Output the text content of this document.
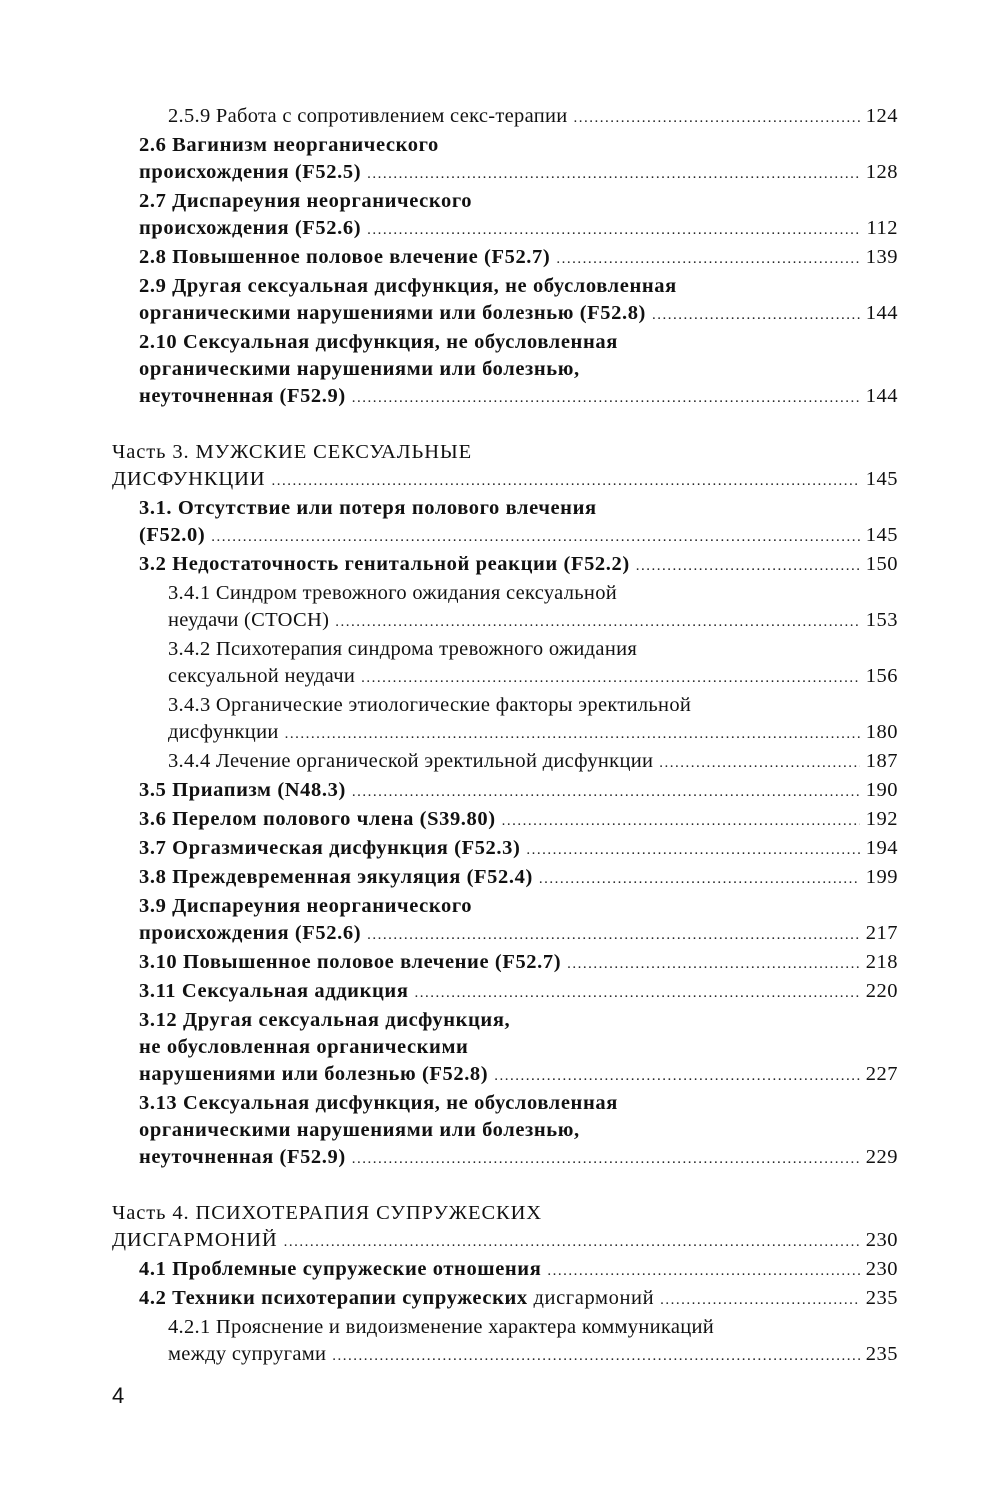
2.5.9 Работа с сопротивлением секс-терапии .....	124
2.6 Вагинизм неорганического
происхождения (F52.5) .....	128
2.7 Диспареуния неорганического
происхождения (F52.6) .....	112
2.8 Повышенное половое влечение (F52.7) .....	139
2.9 Другая сексуальная дисфункция, не обусловленная
органическими нарушениями или болезнью (F52.8) .....	144
2.10 Сексуальная дисфункция, не обусловленная
органическими нарушениями или болезнью,
неуточненная (F52.9) .....	144
Часть 3. МУЖСКИЕ СЕКСУАЛЬНЫЕ
ДИСФУНКЦИИ .....	145
3.1. Отсутствие или потеря полового влечения
(F52.0) .....	145
3.2 Недостаточность генитальной реакции (F52.2) .....	150
3.4.1 Синдром тревожного ожидания сексуальной
неудачи (СТОСН) .....	153
3.4.2 Психотерапия синдрома тревожного ожидания
сексуальной неудачи .....	156
3.4.3 Органические этиологические факторы эректильной
дисфункции .....	180
3.4.4 Лечение органической эректильной дисфункции .....	187
3.5 Приапизм (N48.3) .....	190
3.6 Перелом полового члена (S39.80) .....	192
3.7 Оргазмическая дисфункция (F52.3) .....	194
3.8 Преждевременная эякуляция (F52.4) .....	199
3.9 Диспареуния неорганического
происхождения (F52.6) .....	217
3.10 Повышенное половое влечение (F52.7) .....	218
3.11 Сексуальная аддикция .....	220
3.12 Другая сексуальная дисфункция,
не обусловленная органическими
нарушениями или болезнью (F52.8) .....	227
3.13 Сексуальная дисфункция, не обусловленная
органическими нарушениями или болезнью,
неуточненная (F52.9) .....	229
Часть 4. ПСИХОТЕРАПИЯ СУПРУЖЕСКИХ
ДИСГАРМОНИЙ .....	230
4.1 Проблемные супружеские отношения .....	230
4.2 Техники психотерапии супружеских дисгармоний .....	235
4.2.1 Прояснение и видоизменение характера коммуникаций
между супругами .....	235
4
